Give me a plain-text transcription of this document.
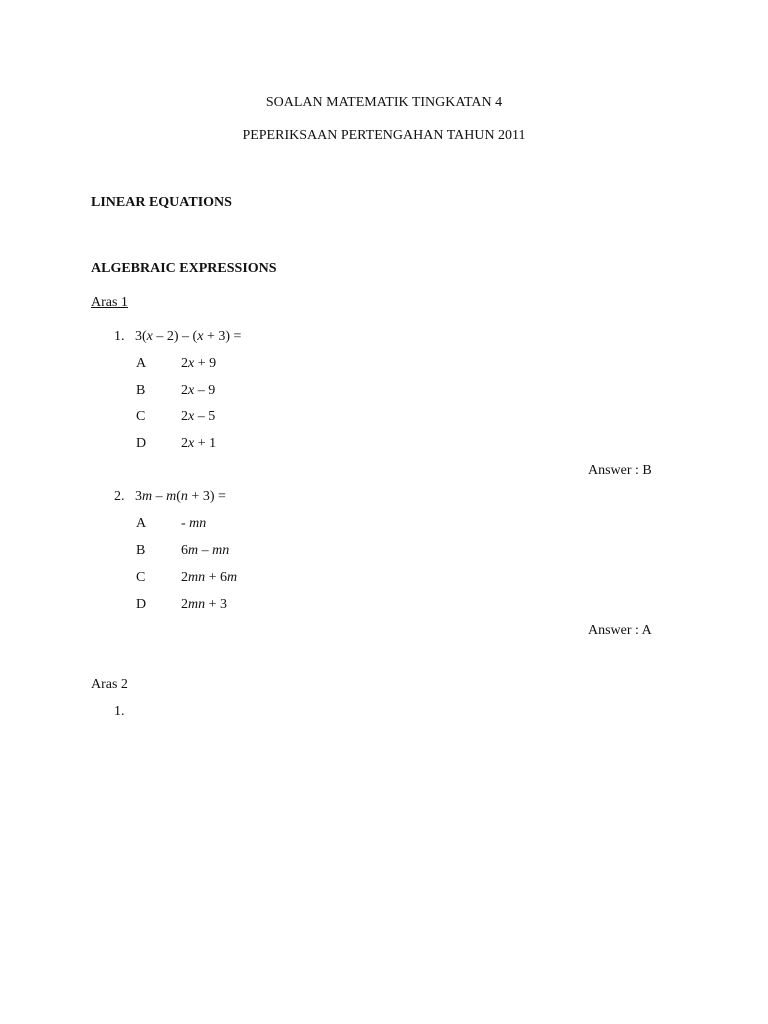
SOALAN MATEMATIK TINGKATAN 4
PEPERIKSAAN PERTENGAHAN TAHUN 2011
LINEAR EQUATIONS
ALGEBRAIC EXPRESSIONS
Aras 1
1. 3(x – 2) – (x + 3) =
A 2x + 9
B	2x – 9
C	2x – 5
D 2x + 1
Answer : B
2. 3m – m(n + 3) =
A - mn
B	6m – mn
C	2mn + 6m
D 2mn + 3
Answer : A
Aras 2
1.
